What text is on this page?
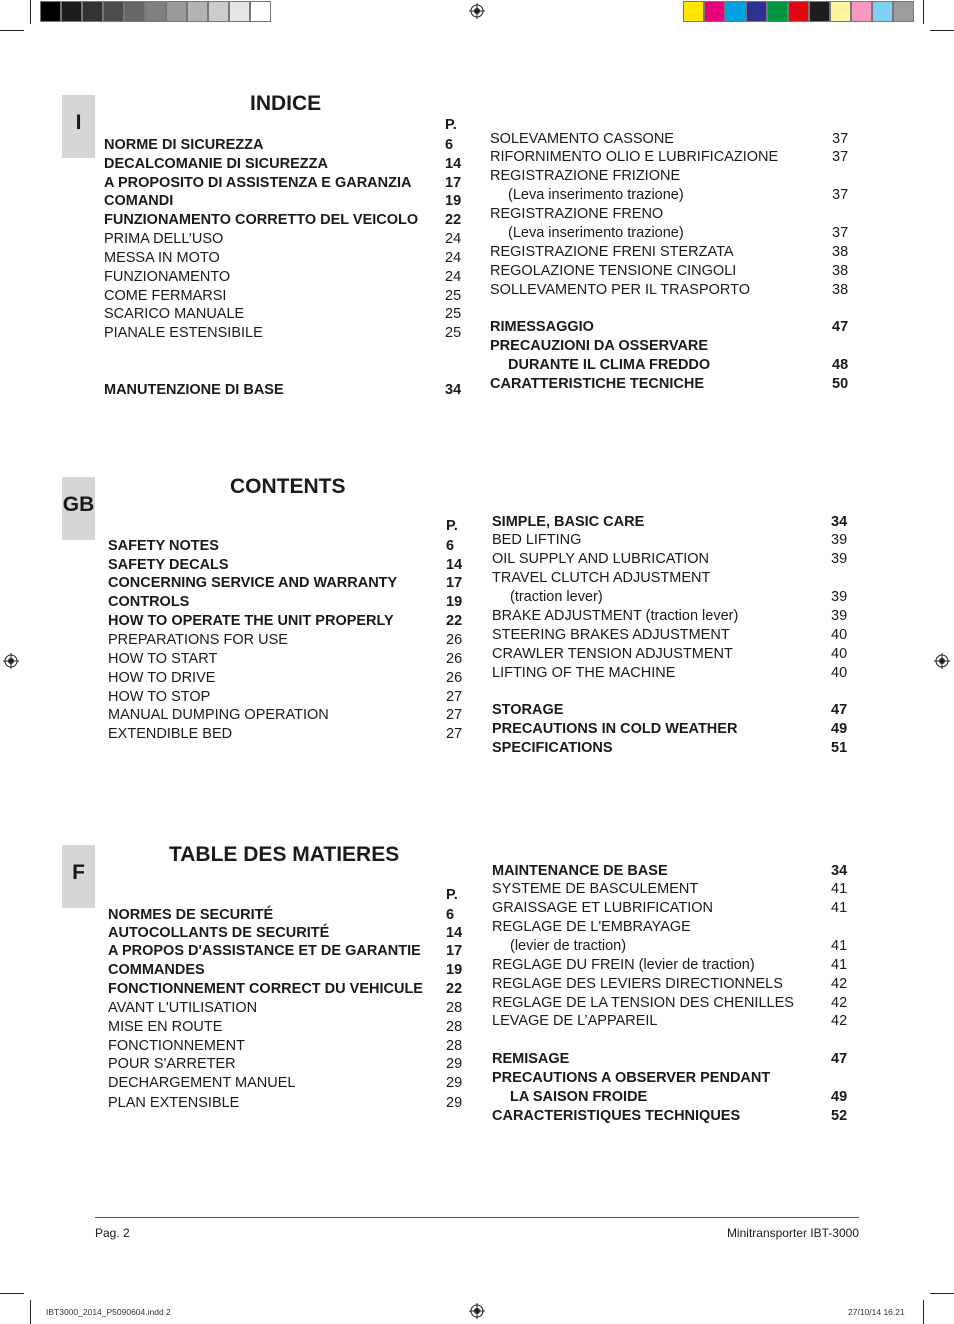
I
INDICE
P.
NORME DI SICUREZZA	6
DECALCOMANIE DI SICUREZZA	14
A PROPOSITO DI ASSISTENZA E GARANZIA 17
COMANDI	19
FUNZIONAMENTO CORRETTO DEL VEICOLO 22
PRIMA DELL’USO	24
MESSA IN MOTO	24
FUNZIONAMENTO	24
COME FERMARSI	25
SCARICO MANUALE	25
PIANALE ESTENSIBILE	25
MANUTENZIONE DI BASE	34
SOLEVAMENTO CASSONE	37
RIFORNIMENTO OLIO E LUBRIFICAZIONE	37
REGISTRAZIONE FRIZIONE
(Leva inserimento trazione)	37
REGISTRAZIONE FRENO
(Leva inserimento trazione)	37
REGISTRAZIONE FRENI STERZATA	38
REGOLAZIONE TENSIONE CINGOLI	38
SOLLEVAMENTO PER IL TRASPORTO	38
RIMESSAGGIO	47
PRECAUZIONI DA OSSERVARE
DURANTE IL CLIMA FREDDO	48
CARATTERISTICHE TECNICHE	50
GB
CONTENTS
P.
SAFETY NOTES	6
SAFETY DECALS	14
CONCERNING SERVICE AND WARRANTY	17
CONTROLS	19
HOW TO OPERATE THE UNIT PROPERLY	22
PREPARATIONS FOR USE	26
HOW TO START	26
HOW TO DRIVE	26
HOW TO STOP	27
MANUAL DUMPING OPERATION	27
EXTENDIBLE BED	27
SIMPLE, BASIC CARE	34
BED LIFTING	39
OIL SUPPLY AND LUBRICATION	39
TRAVEL CLUTCH ADJUSTMENT
(traction lever)	39
BRAKE ADJUSTMENT (traction lever)	39
STEERING BRAKES ADJUSTMENT	40
CRAWLER TENSION ADJUSTMENT	40
LIFTING OF THE MACHINE	40
STORAGE	47
PRECAUTIONS IN COLD WEATHER	49
SPECIFICATIONS	51
F
TABLE DES MATIERES
P.
NORMES DE SECURITÉ	6
AUTOCOLLANTS DE SECURITÉ	14
A PROPOS D'ASSISTANCE ET DE GARANTIE 17
COMMANDES	19
FONCTIONNEMENT CORRECT DU VEHICULE 22
AVANT L'UTILISATION	28
MISE EN ROUTE	28
FONCTIONNEMENT	28
POUR S'ARRETER	29
DECHARGEMENT MANUEL	29
PLAN EXTENSIBLE	29
MAINTENANCE DE BASE	34
SYSTEME DE BASCULEMENT	41
GRAISSAGE ET LUBRIFICATION	41
REGLAGE DE L'EMBRAYAGE
(levier de traction)	41
REGLAGE DU FREIN (levier de traction)	41
REGLAGE DES LEVIERS DIRECTIONNELS	42
REGLAGE DE LA TENSION DES CHENILLES	42
LEVAGE DE L’APPAREIL	42
REMISAGE	47
PRECAUTIONS A OBSERVER PENDANT
LA SAISON FROIDE	49
CARACTERISTIQUES TECHNIQUES	52
Pag. 2	Minitransporter IBT-3000
IBT3000_2014_P5090604.indd 2	27/10/14 16.21
